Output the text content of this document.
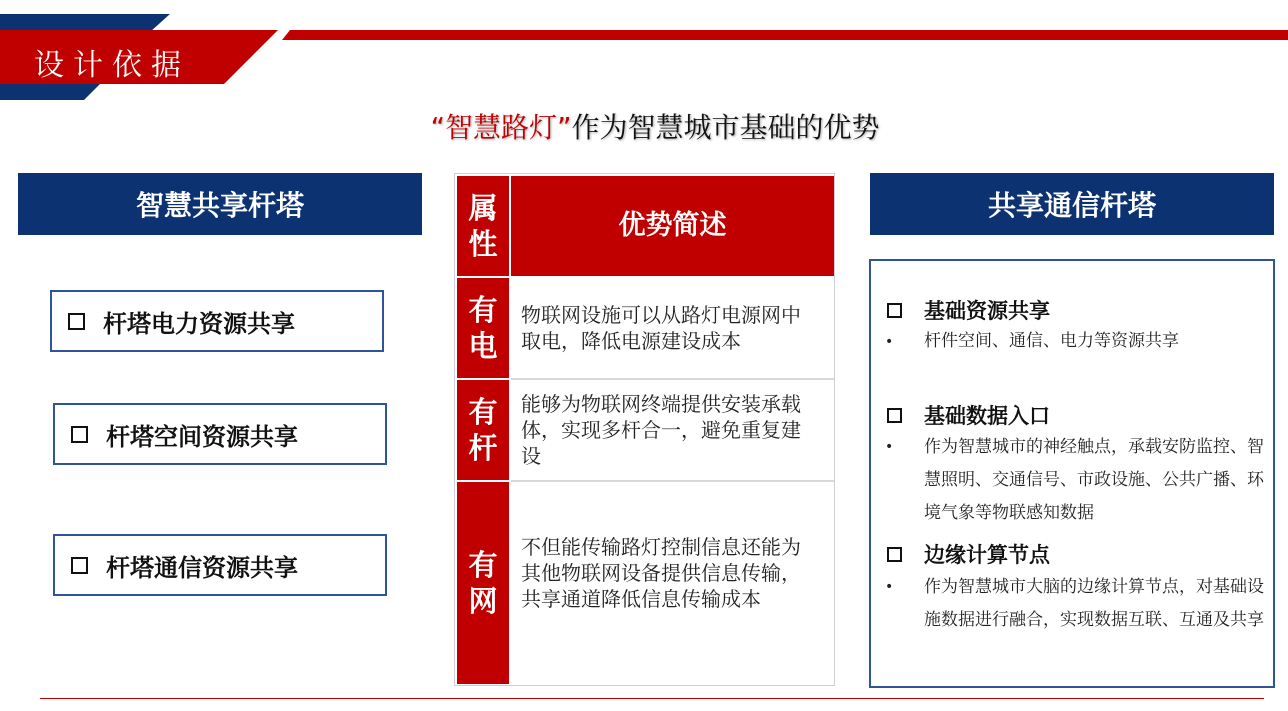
设计依据
“智慧路灯”作为智慧城市基础的优势
智慧共享杆塔
杆塔电力资源共享
杆塔空间资源共享
杆塔通信资源共享
属性
优势简述
有电
物联网设施可以从路灯电源网中取电，降低电源建设成本
有杆
能够为物联网终端提供安装承载体，实现多杆合一，避免重复建设
有网
不但能传输路灯控制信息还能为其他物联网设备提供信息传输，共享通道降低信息传输成本
共享通信杆塔
基础资源共享
• 杆件空间、通信、电力等资源共享
基础数据入口
• 作为智慧城市的神经触点，承载安防监控、智慧照明、交通信号、市政设施、公共广播、环境气象等物联感知数据
边缘计算节点
• 作为智慧城市大脑的边缘计算节点，对基础设施数据进行融合，实现数据互联、互通及共享
